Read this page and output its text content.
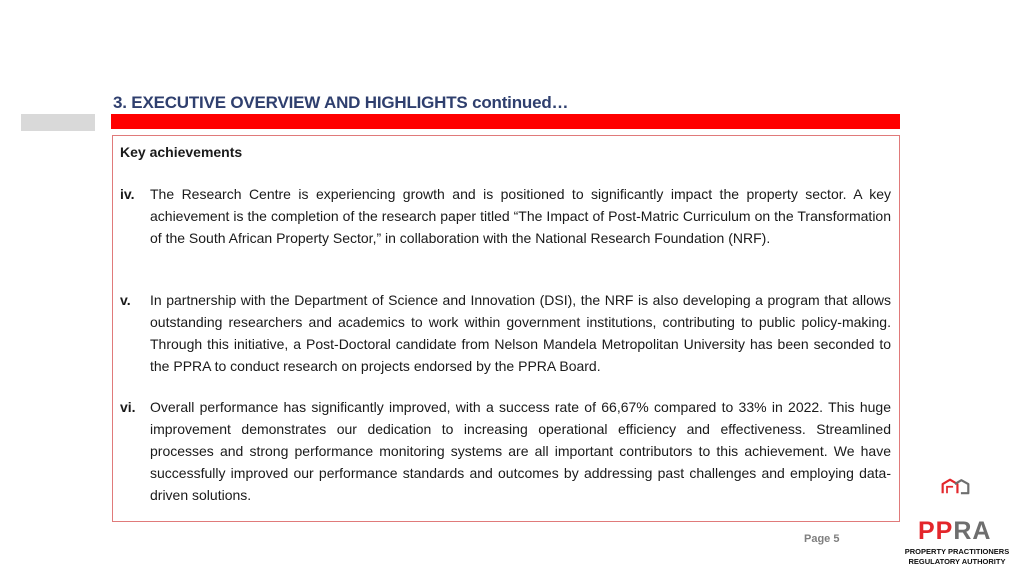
3. EXECUTIVE OVERVIEW AND HIGHLIGHTS continued…
Key achievements
iv.	The Research Centre is experiencing growth and is positioned to significantly impact the property sector. A key achievement is the completion of the research paper titled “The Impact of Post-Matric Curriculum on the Transformation of the South African Property Sector,” in collaboration with the National Research Foundation (NRF).
v.	In partnership with the Department of Science and Innovation (DSI), the NRF is also developing a program that allows outstanding researchers and academics to work within government institutions, contributing to public policy-making. Through this initiative, a Post-Doctoral candidate from Nelson Mandela Metropolitan University has been seconded to the PPRA to conduct research on projects endorsed by the PPRA Board.
vi.	Overall performance has significantly improved, with a success rate of 66,67% compared to 33% in 2022. This huge improvement demonstrates our dedication to increasing operational efficiency and effectiveness. Streamlined processes and strong performance monitoring systems are all important contributors to this achievement. We have successfully improved our performance standards and outcomes by addressing past challenges and employing data-driven solutions.
Page 5	PPRA
PROPERTY PRACTITIONERS
REGULATORY AUTHORITY
